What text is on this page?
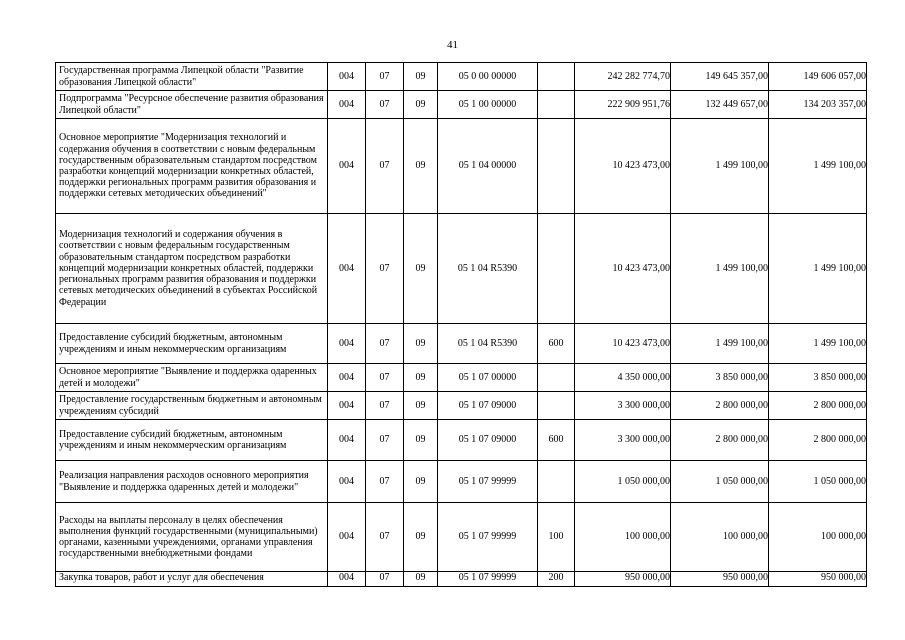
41
Государственная программа Липецкой области "Развитие образования Липецкой области"	004	07	09	05 0 00 00000		242 282 774,70	149 645 357,00	149 606 057,00
Подпрограмма "Ресурсное обеспечение развития образования Липецкой области"	004	07	09	05 1 00 00000		222 909 951,76	132 449 657,00	134 203 357,00
Основное мероприятие "Модернизация технологий и содержания обучения в соответствии с новым федеральным государственным образовательным стандартом посредством разработки концепций модернизации конкретных областей, поддержки региональных программ развития образования и поддержки сетевых методических объединений"	004	07	09	05 1 04 00000		10 423 473,00	1 499 100,00	1 499 100,00
Модернизация технологий и содержания обучения в соответствии с новым федеральным государственным образовательным стандартом посредством разработки концепций модернизации конкретных областей, поддержки региональных программ развития образования и поддержки сетевых методических объединений в субъектах Российской Федерации	004	07	09	05 1 04 R5390		10 423 473,00	1 499 100,00	1 499 100,00
Предоставление субсидий бюджетным, автономным учреждениям и иным некоммерческим организациям	004	07	09	05 1 04 R5390	600	10 423 473,00	1 499 100,00	1 499 100,00
Основное мероприятие "Выявление и поддержка одаренных детей и молодежи"	004	07	09	05 1 07 00000		4 350 000,00	3 850 000,00	3 850 000,00
Предоставление государственным бюджетным и автономным учреждениям субсидий	004	07	09	05 1 07 09000		3 300 000,00	2 800 000,00	2 800 000,00
Предоставление субсидий бюджетным, автономным учреждениям и иным некоммерческим организациям	004	07	09	05 1 07 09000	600	3 300 000,00	2 800 000,00	2 800 000,00
Реализация направления расходов основного мероприятия "Выявление и поддержка одаренных детей и молодежи"	004	07	09	05 1 07 99999		1 050 000,00	1 050 000,00	1 050 000,00
Расходы на выплаты персоналу в целях обеспечения выполнения функций государственными (муниципальными) органами, казенными учреждениями, органами управления государственными внебюджетными фондами	004	07	09	05 1 07 99999	100	100 000,00	100 000,00	100 000,00
Закупка товаров, работ и услуг для обеспечения	004	07	09	05 1 07 99999	200	950 000,00	950 000,00	950 000,00
